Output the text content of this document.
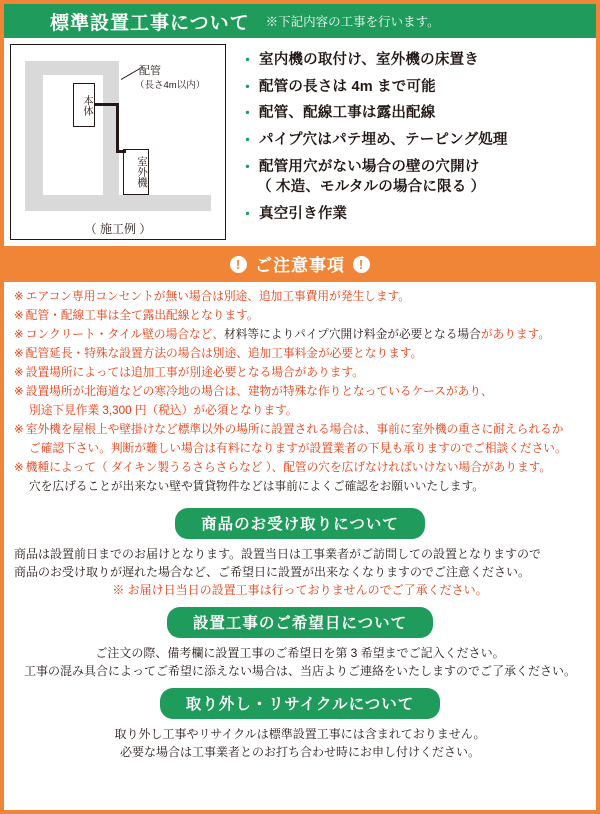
標準設置工事について ※下記内容の工事を行います。
本体
室外機
配管
（長さ4m以内）
（ 施工例 ）
・ 室内機の取付け、室外機の床置き
・ 配管の長さは 4m まで可能
・ 配管、配線工事は露出配線
・ パイプ穴はパテ埋め、テーピング処理
・ 配管用穴がない場合の壁の穴開け
（ 木造、モルタルの場合に限る ）
・ 真空引き作業
! ご注意事項 !
※ エアコン専用コンセントが無い場合は別途、追加工事費用が発生します。
※ 配管・配線工事は全て露出配線となります。
※ コンクリート・タイル壁の場合など、材料等によりパイプ穴開け料金が必要となる場合があります。
※ 配管延長・特殊な設置方法の場合は別途、追加工事料金が必要となります。
※ 設置場所によっては追加工事が別途必要となる場合があります。
※ 設置場所が北海道などの寒冷地の場合は、建物が特殊な作りとなっているケースがあり、
別途下見作業 3,300 円（税込）が必須となります。
※ 室外機を屋根上や壁掛けなど標準以外の場所に設置される場合は、事前に室外機の重さに耐えられるか
ご確認下さい。判断が難しい場合は有料になりますが設置業者の下見も承りますのでご相談ください。
※ 機種によって（ ダイキン製うるさらさらなど ）、配管の穴を広げなければいけない場合があります。
穴を広げることが出来ない壁や賃貸物件などは事前によくご確認をお願いいたします。
商品のお受け取りについて
商品は設置前日までのお届けとなります。設置当日は工事業者がご訪問しての設置となりますので
商品のお受け取りが遅れた場合など、ご希望日に設置が出来なくなりますのでご注意ください。
※ お届け日当日の設置工事は行っておりませんのでご了承ください。
設置工事のご希望日について
ご注文の際、備考欄に設置工事のご希望日を第 3 希望までご記入ください。
工事の混み具合によってご希望に添えない場合は、当店よりご連絡をいたしますのでご了承ください。
取り外し・リサイクルについて
取り外し工事やリサイクルは標準設置工事には含まれておりません。
必要な場合は工事業者とのお打ち合わせ時にお申し付けください。
